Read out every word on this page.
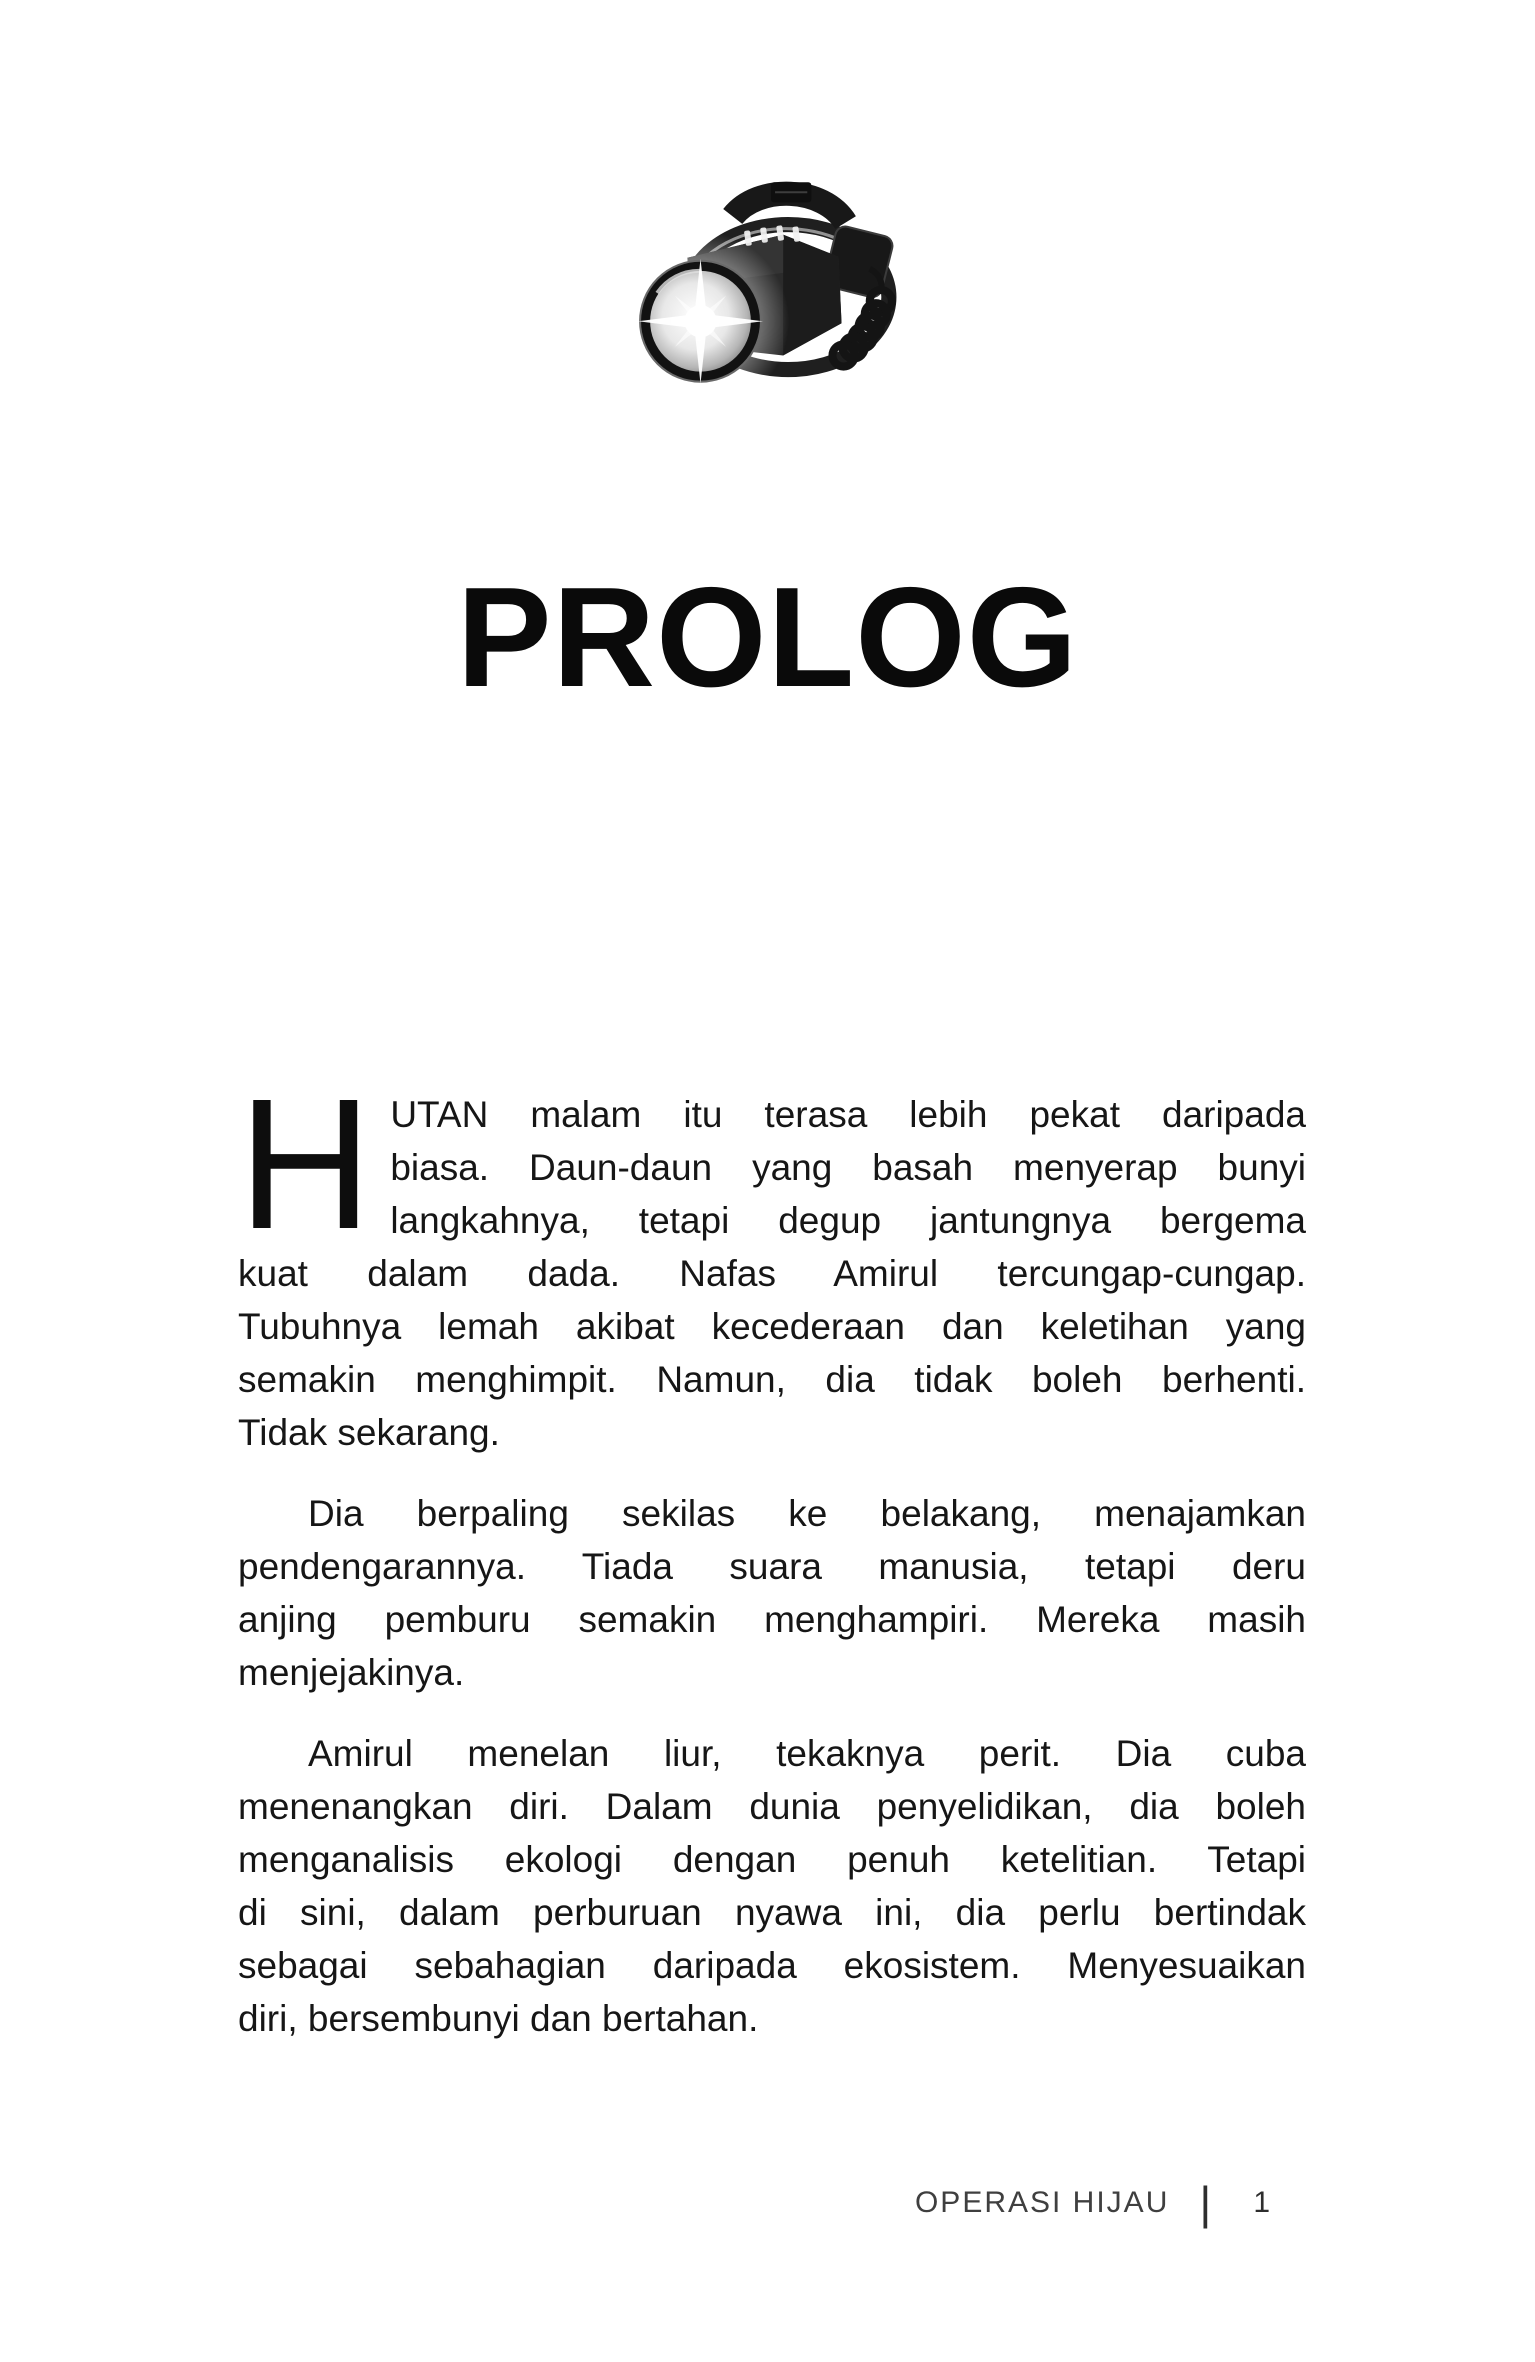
PROLOG
H UTAN malam itu terasa lebih pekat daripada
biasa. Daun-daun yang basah menyerap bunyi
langkahnya, tetapi degup jantungnya bergema
kuat dalam dada. Nafas Amirul tercungap-cungap.
Tubuhnya lemah akibat kecederaan dan keletihan yang
semakin menghimpit. Namun, dia tidak boleh berhenti.
Tidak sekarang.
Dia berpaling sekilas ke belakang, menajamkan
pendengarannya. Tiada suara manusia, tetapi deru
anjing pemburu semakin menghampiri. Mereka masih
menjejakinya.
Amirul menelan liur, tekaknya perit. Dia cuba
menenangkan diri. Dalam dunia penyelidikan, dia boleh
menganalisis ekologi dengan penuh ketelitian. Tetapi
di sini, dalam perburuan nyawa ini, dia perlu bertindak
sebagai sebahagian daripada ekosistem. Menyesuaikan
diri, bersembunyi dan bertahan.
OPERASI HIJAU | 1
